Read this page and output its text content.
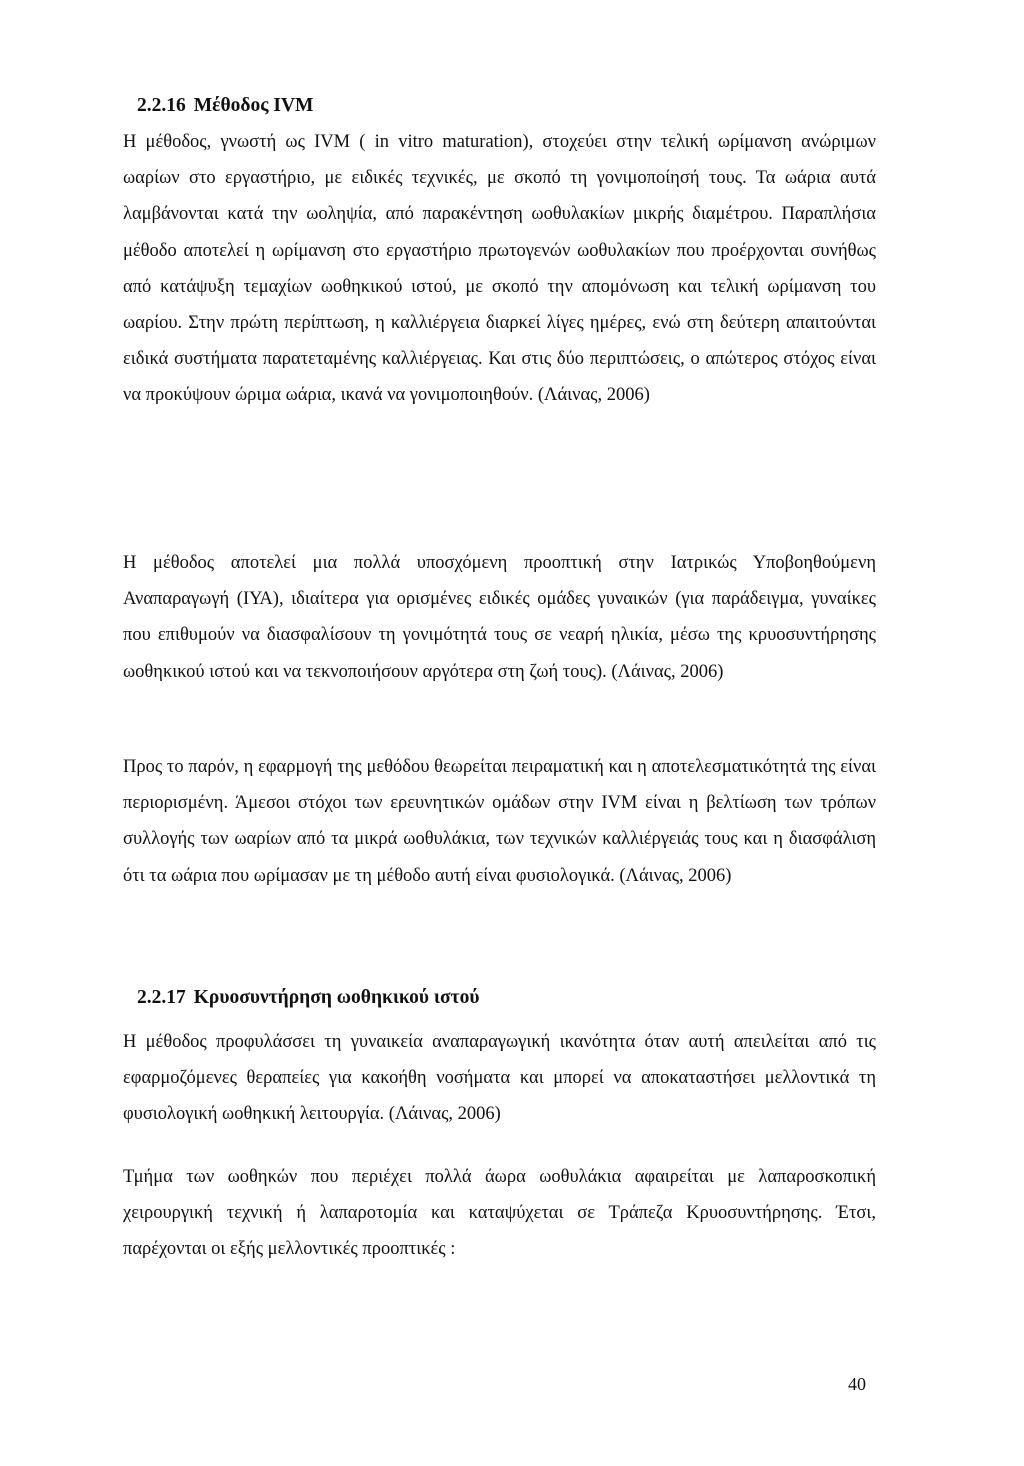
2.2.16 Μέθοδος IVM

Η μέθοδος, γνωστή ως IVM ( in vitro maturation), στοχεύει στην τελική ωρίμανση ανώριμων ωαρίων στο εργαστήριο, με ειδικές τεχνικές, με σκοπό τη γονιμοποίησή τους. Τα ωάρια αυτά λαμβάνονται κατά την ωοληψία, από παρακέντηση ωοθυλακίων μικρής διαμέτρου. Παραπλήσια μέθοδο αποτελεί η ωρίμανση στο εργαστήριο πρωτογενών ωοθυλακίων που προέρχονται συνήθως από κατάψυξη τεμαχίων ωοθηκικού ιστού, με σκοπό την απομόνωση και τελική ωρίμανση του ωαρίου. Στην πρώτη περίπτωση, η καλλιέργεια διαρκεί λίγες ημέρες, ενώ στη δεύτερη απαιτούνται ειδικά συστήματα παρατεταμένης καλλιέργειας. Και στις δύο περιπτώσεις, ο απώτερος στόχος είναι να προκύψουν ώριμα ωάρια, ικανά να γονιμοποιηθούν. (Λάινας, 2006)

Η μέθοδος αποτελεί μια πολλά υποσχόμενη προοπτική στην Ιατρικώς Υποβοηθούμενη Αναπαραγωγή (ΙΥΑ), ιδιαίτερα για ορισμένες ειδικές ομάδες γυναικών (για παράδειγμα, γυναίκες που επιθυμούν να διασφαλίσουν τη γονιμότητά τους σε νεαρή ηλικία, μέσω της κρυοσυντήρησης ωοθηκικού ιστού και να τεκνοποιήσουν αργότερα στη ζωή τους). (Λάινας, 2006)

Προς το παρόν, η εφαρμογή της μεθόδου θεωρείται πειραματική και η αποτελεσματικότητά της είναι περιορισμένη. Άμεσοι στόχοι των ερευνητικών ομάδων στην IVM είναι η βελτίωση των τρόπων συλλογής των ωαρίων από τα μικρά ωοθυλάκια, των τεχνικών καλλιέργειάς τους και η διασφάλιση ότι τα ωάρια που ωρίμασαν με τη μέθοδο αυτή είναι φυσιολογικά. (Λάινας, 2006)

2.2.17 Κρυοσυντήρηση ωοθηκικού ιστού

Η μέθοδος προφυλάσσει τη γυναικεία αναπαραγωγική ικανότητα όταν αυτή απειλείται από τις εφαρμοζόμενες θεραπείες για κακοήθη νοσήματα και μπορεί να αποκαταστήσει μελλοντικά τη φυσιολογική ωοθηκική λειτουργία. (Λάινας, 2006)

Τμήμα των ωοθηκών που περιέχει πολλά άωρα ωοθυλάκια αφαιρείται με λαπαροσκοπική χειρουργική τεχνική ή λαπαροτομία και καταψύχεται σε Τράπεζα Κρυοσυντήρησης. Έτσι, παρέχονται οι εξής μελλοντικές προοπτικές :

40
